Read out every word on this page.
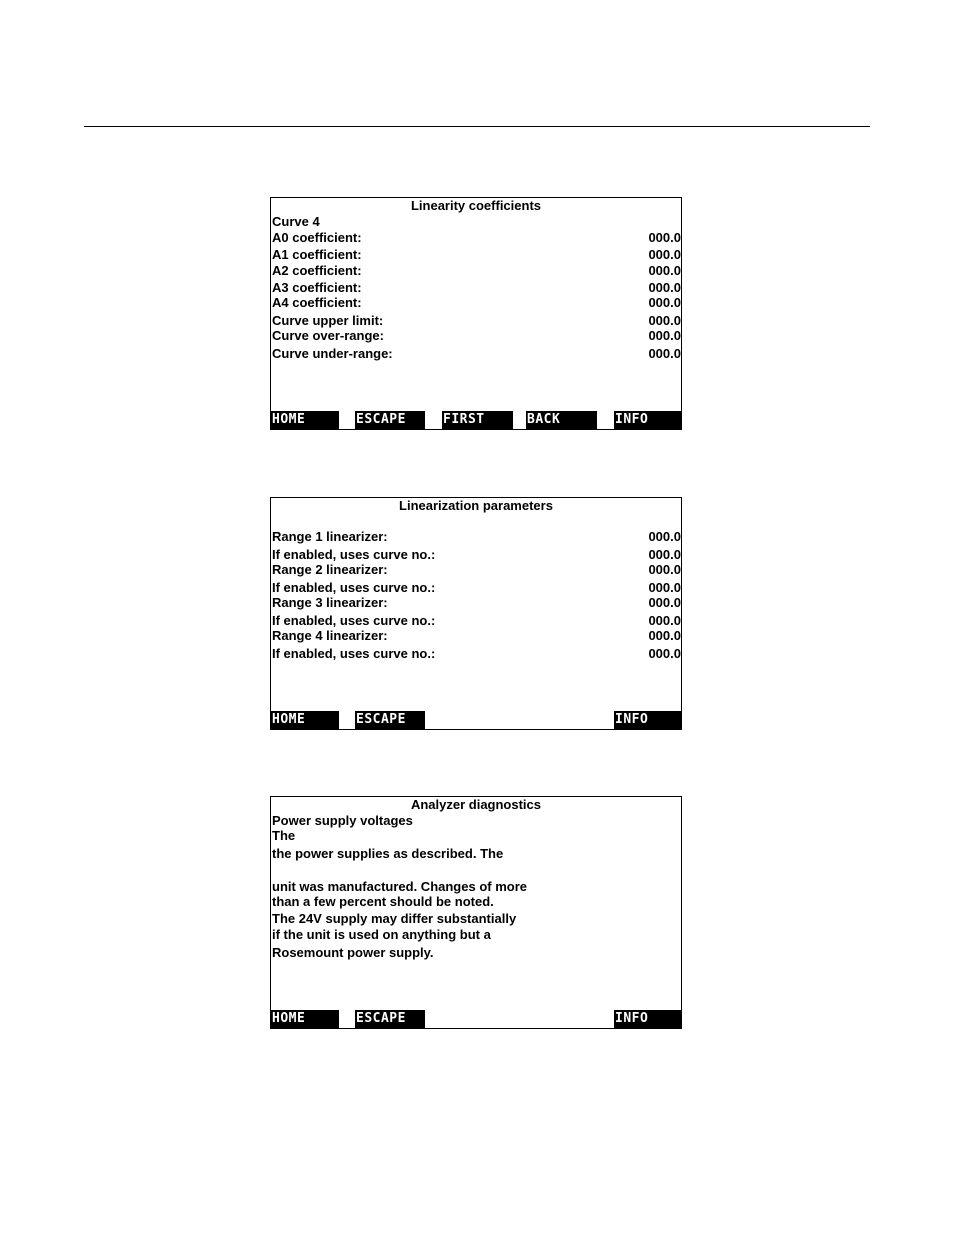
Linearity coefficients
Curve 4
A0 coefficient:	000.0
A1 coefficient:	000.0
A2 coefficient:	000.0
A3 coefficient:	000.0
A4 coefficient:	000.0
Curve upper limit:	000.0
Curve over-range:	000.0
Curve under-range:	000.0
HOME	ESCAPE	FIRST	BACK	INFO
Linearization parameters
Range 1 linearizer:	000.0
If enabled, uses curve no.:	000.0
Range 2 linearizer:	000.0
If enabled, uses curve no.:	000.0
Range 3 linearizer:	000.0
If enabled, uses curve no.:	000.0
Range 4 linearizer:	000.0
If enabled, uses curve no.:	000.0
HOME	ESCAPE	INFO
Analyzer diagnostics
Power supply voltages
The
the power supplies as described. The
unit was manufactured. Changes of more
than a few percent should be noted.
The 24V supply may differ substantially
if the unit is used on anything but a
Rosemount power supply.
HOME	ESCAPE	INFO
